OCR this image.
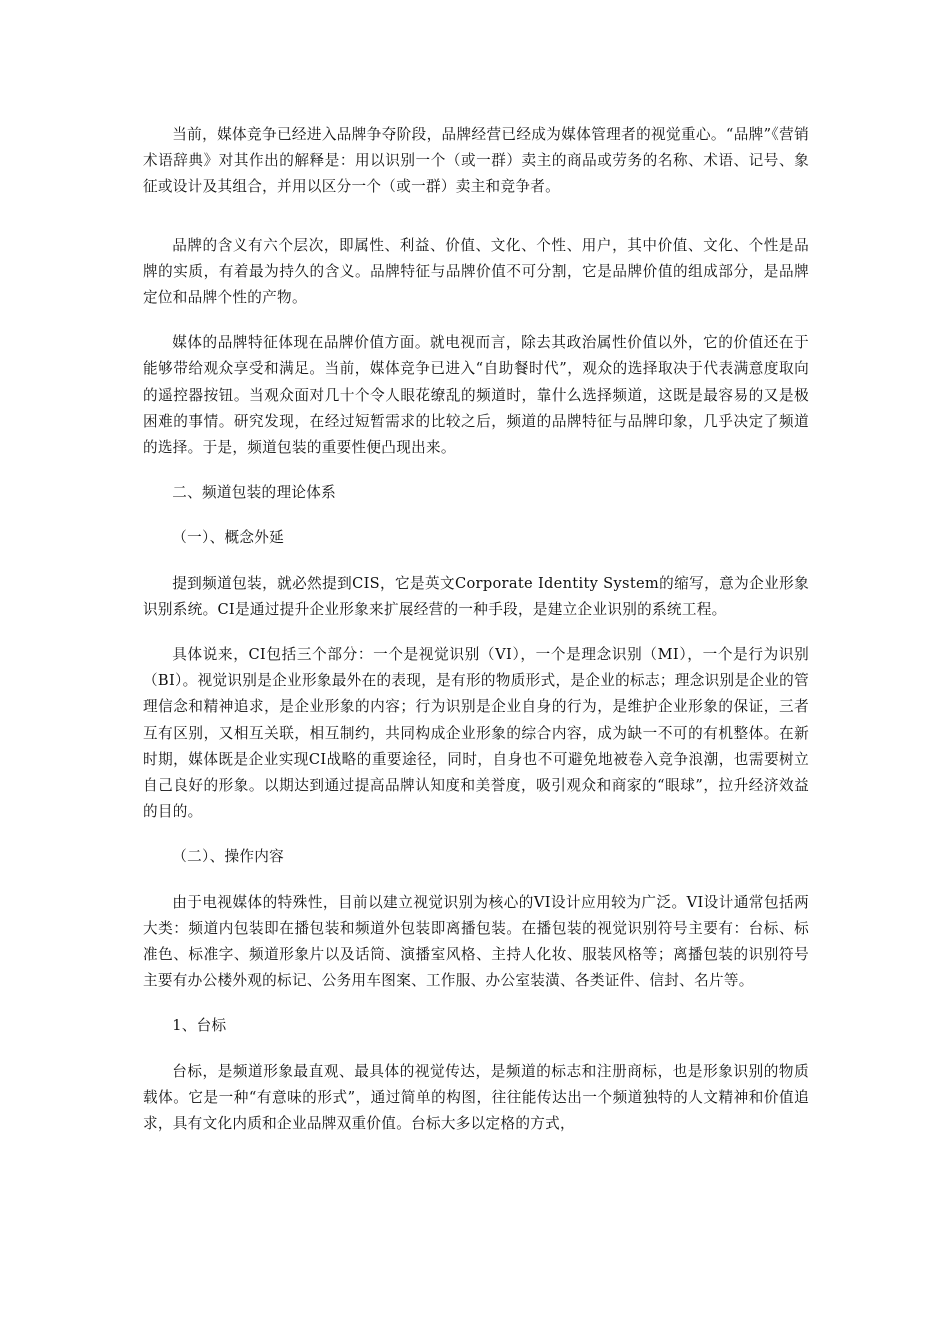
当前，媒体竞争已经进入品牌争夺阶段，品牌经营已经成为媒体管理者的视觉重心。“品牌”《营销术语辞典》对其作出的解释是：用以识别一个（或一群）卖主的商品或劳务的名称、术语、记号、象征或设计及其组合，并用以区分一个（或一群）卖主和竞争者。

品牌的含义有六个层次，即属性、利益、价值、文化、个性、用户，其中价值、文化、个性是品牌的实质，有着最为持久的含义。品牌特征与品牌价值不可分割，它是品牌价值的组成部分，是品牌定位和品牌个性的产物。

媒体的品牌特征体现在品牌价值方面。就电视而言，除去其政治属性价值以外，它的价值还在于能够带给观众享受和满足。当前，媒体竞争已进入“自助餐时代”，观众的选择取决于代表满意度取向的遥控器按钮。当观众面对几十个令人眼花缭乱的频道时，靠什么选择频道，这既是最容易的又是极困难的事情。研究发现，在经过短暂需求的比较之后，频道的品牌特征与品牌印象，几乎决定了频道的选择。于是，频道包装的重要性便凸现出来。

二、频道包装的理论体系

（一）、概念外延

提到频道包装，就必然提到CIS，它是英文Corporate Identity System的缩写，意为企业形象识别系统。CI是通过提升企业形象来扩展经营的一种手段，是建立企业识别的系统工程。

具体说来，CI包括三个部分：一个是视觉识别（VI），一个是理念识别（MI），一个是行为识别（BI）。视觉识别是企业形象最外在的表现，是有形的物质形式，是企业的标志；理念识别是企业的管理信念和精神追求，是企业形象的内容；行为识别是企业自身的行为，是维护企业形象的保证，三者互有区别，又相互关联，相互制约，共同构成企业形象的综合内容，成为缺一不可的有机整体。在新时期，媒体既是企业实现CI战略的重要途径，同时，自身也不可避免地被卷入竞争浪潮，也需要树立自己良好的形象。以期达到通过提高品牌认知度和美誉度，吸引观众和商家的“眼球”，拉升经济效益的目的。

（二）、操作内容

由于电视媒体的特殊性，目前以建立视觉识别为核心的VI设计应用较为广泛。VI设计通常包括两大类：频道内包装即在播包装和频道外包装即离播包装。在播包装的视觉识别符号主要有：台标、标准色、标准字、频道形象片以及话筒、演播室风格、主持人化妆、服装风格等；离播包装的识别符号主要有办公楼外观的标记、公务用车图案、工作服、办公室装潢、各类证件、信封、名片等。

1、台标

台标，是频道形象最直观、最具体的视觉传达，是频道的标志和注册商标，也是形象识别的物质载体。它是一种“有意味的形式”，通过简单的构图，往往能传达出一个频道独特的人文精神和价值追求，具有文化内质和企业品牌双重价值。台标大多以定格的方式，
